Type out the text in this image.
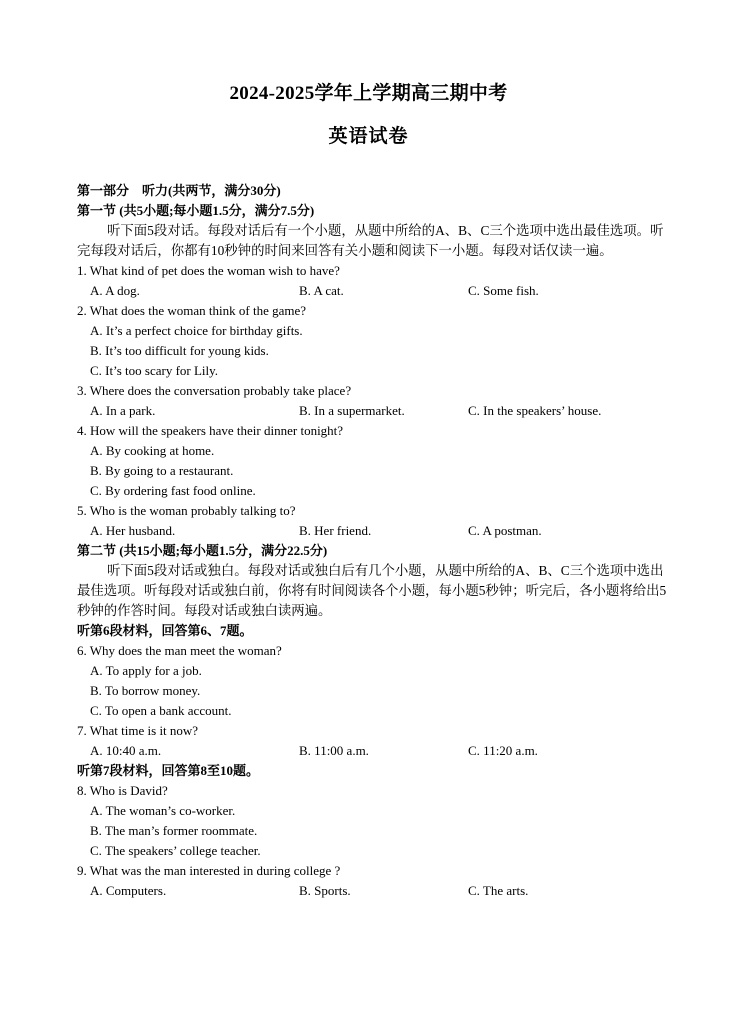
2024-2025学年上学期高三期中考
英语试卷
第一部分　听力(共两节，满分30分)
第一节 (共5小题;每小题1.5分，满分7.5分)
听下面5段对话。每段对话后有一个小题，从题中所给的A、B、C三个选项中选出最佳选项。听完每段对话后，你都有10秒钟的时间来回答有关小题和阅读下一小题。每段对话仅读一遍。
1. What kind of pet does the woman wish to have?
A. A dog.	B. A cat.	C. Some fish.
2. What does the woman think of the game?
A. It’s a perfect choice for birthday gifts.
B. It’s too difficult for young kids.
C. It’s too scary for Lily.
3. Where does the conversation probably take place?
A. In a park.	B. In a supermarket.	C. In the speakers’ house.
4. How will the speakers have their dinner tonight?
A. By cooking at home.
B. By going to a restaurant.
C. By ordering fast food online.
5. Who is the woman probably talking to?
A. Her husband.	B. Her friend.	C. A postman.
第二节 (共15小题;每小题1.5分，满分22.5分)
听下面5段对话或独白。每段对话或独白后有几个小题，从题中所给的A、B、C三个选项中选出最佳选项。听每段对话或独白前，你将有时间阅读各个小题，每小题5秒钟；听完后，各小题将给出5秒钟的作答时间。每段对话或独白读两遍。
听第6段材料，回答第6、7题。
6. Why does the man meet the woman?
A. To apply for a job.
B. To borrow money.
C. To open a bank account.
7. What time is it now?
A. 10:40 a.m.	B. 11:00 a.m.	C. 11:20 a.m.
听第7段材料，回答第8至10题。
8. Who is David?
A. The woman’s co-worker.
B. The man’s former roommate.
C. The speakers’ college teacher.
9. What was the man interested in during college ?
A. Computers.	B. Sports.	C. The arts.
